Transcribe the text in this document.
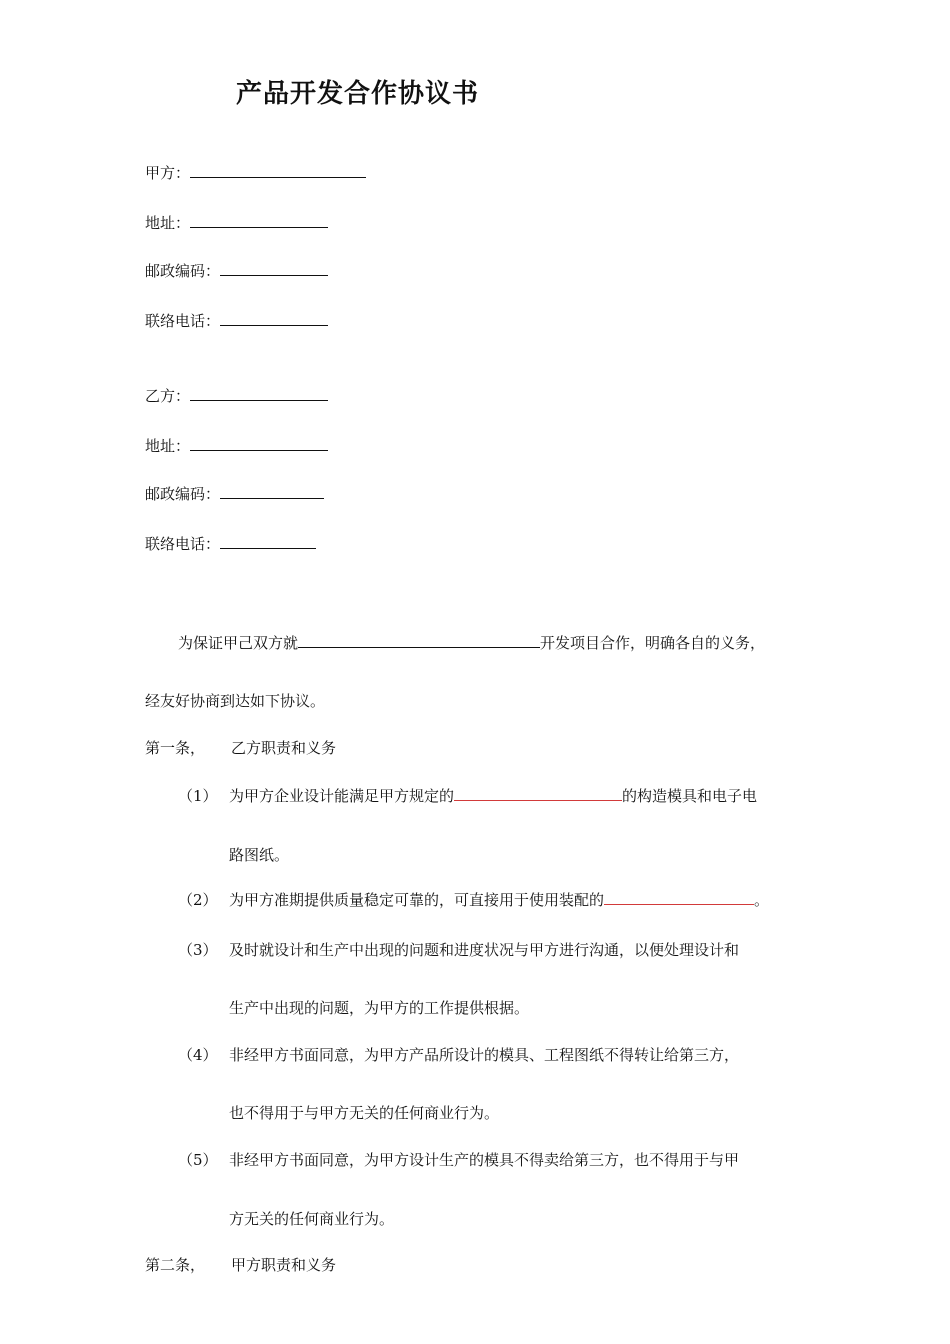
产品开发合作协议书
甲方：
地址：
邮政编码：
联络电话：
乙方：
地址：
邮政编码：
联络电话：
为保证甲己双方就	开发项目合作，明确各自的义务，
经友好协商到达如下协议。
第一条， 乙方职责和义务
（1） 为甲方企业设计能满足甲方规定的	的构造模具和电子电
路图纸。
（2） 为甲方准期提供质量稳定可靠的，可直接用于使用装配的	。
（3） 及时就设计和生产中出现的问题和进度状况与甲方进行沟通，以便处理设计和
生产中出现的问题，为甲方的工作提供根据。
（4） 非经甲方书面同意，为甲方产品所设计的模具、工程图纸不得转让给第三方，
也不得用于与甲方无关的任何商业行为。
（5） 非经甲方书面同意，为甲方设计生产的模具不得卖给第三方，也不得用于与甲
方无关的任何商业行为。
第二条， 甲方职责和义务
